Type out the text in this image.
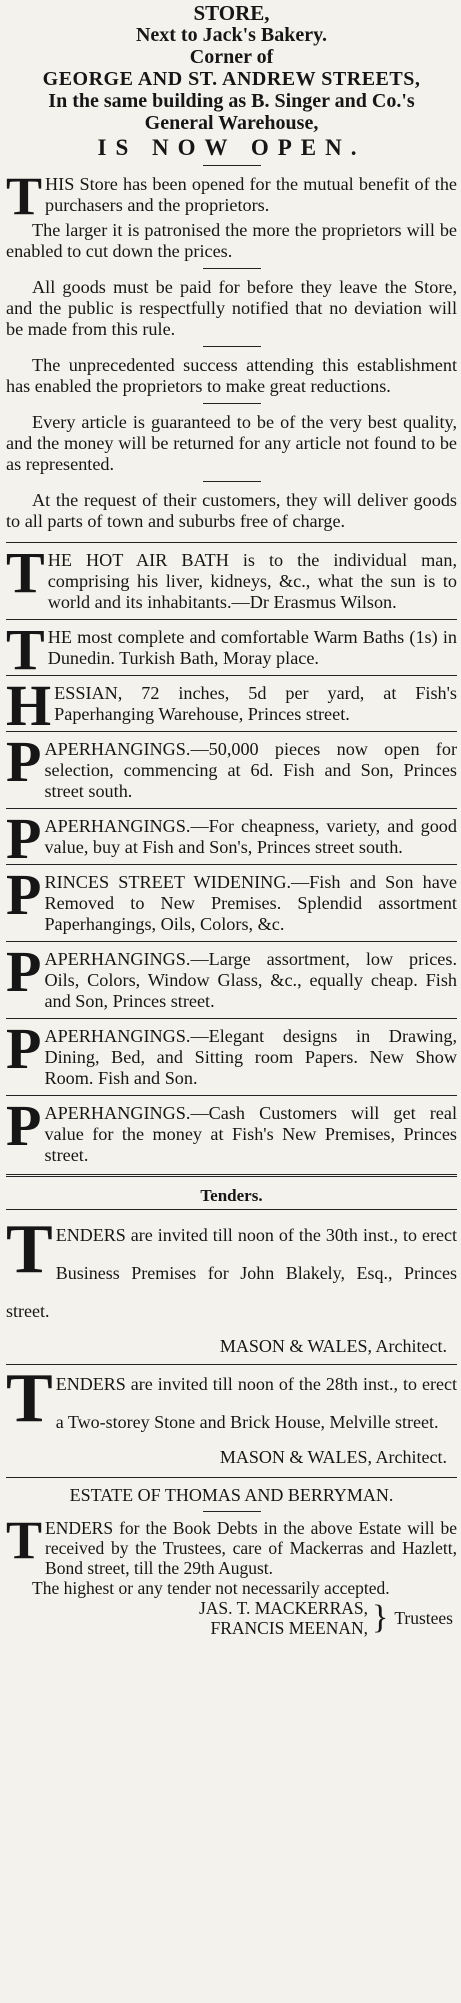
STORE,
Next to Jack's Bakery.
Corner of
GEORGE AND ST. ANDREW STREETS,
In the same building as B. Singer and Co.'s
General Warehouse,
IS NOW OPEN.

THIS Store has been opened for the mutual benefit of the purchasers and the proprietors.

The larger it is patronised the more the proprietors will be enabled to cut down the prices.

All goods must be paid for before they leave the Store, and the public is respectfully notified that no deviation will be made from this rule.

The unprecedented success attending this establishment has enabled the proprietors to make great reductions.

Every article is guaranteed to be of the very best quality, and the money will be returned for any article not found to be as represented.

At the request of their customers, they will deliver goods to all parts of town and suburbs free of charge.

THE HOT AIR BATH is to the individual man, comprising his liver, kidneys, &c., what the sun is to world and its inhabitants.—Dr Erasmus Wilson.

THE most complete and comfortable Warm Baths (1s) in Dunedin. Turkish Bath, Moray place.

HESSIAN, 72 inches, 5d per yard, at Fish's Paperhanging Warehouse, Princes street.

PAPERHANGINGS.—50,000 pieces now open for selection, commencing at 6d. Fish and Son, Princes street south.

PAPERHANGINGS.—For cheapness, variety, and good value, buy at Fish and Son's, Princes street south.

PRINCES STREET WIDENING.—Fish and Son have Removed to New Premises. Splendid assortment Paperhangings, Oils, Colors, &c.

PAPERHANGINGS.—Large assortment, low prices. Oils, Colors, Window Glass, &c., equally cheap. Fish and Son, Princes street.

PAPERHANGINGS.—Elegant designs in Drawing, Dining, Bed, and Sitting room Papers. New Show Room. Fish and Son.

PAPERHANGINGS.—Cash Customers will get real value for the money at Fish's New Premises, Princes street.

Tenders.

TENDERS are invited till noon of the 30th inst., to erect Business Premises for John Blakely, Esq., Princes street.

MASON & WALES, Architect.

TENDERS are invited till noon of the 28th inst., to erect a Two-storey Stone and Brick House, Melville street.

MASON & WALES, Architect.
ESTATE OF THOMAS AND BERRYMAN.

TENDERS for the Book Debts in the above Estate will be received by the Trustees, care of Mackerras and Hazlett, Bond street, till the 29th August.

The highest or any tender not necessarily accepted.

JAS. T. MACKERRAS,
FRANCIS MEENAN, } Trustees
